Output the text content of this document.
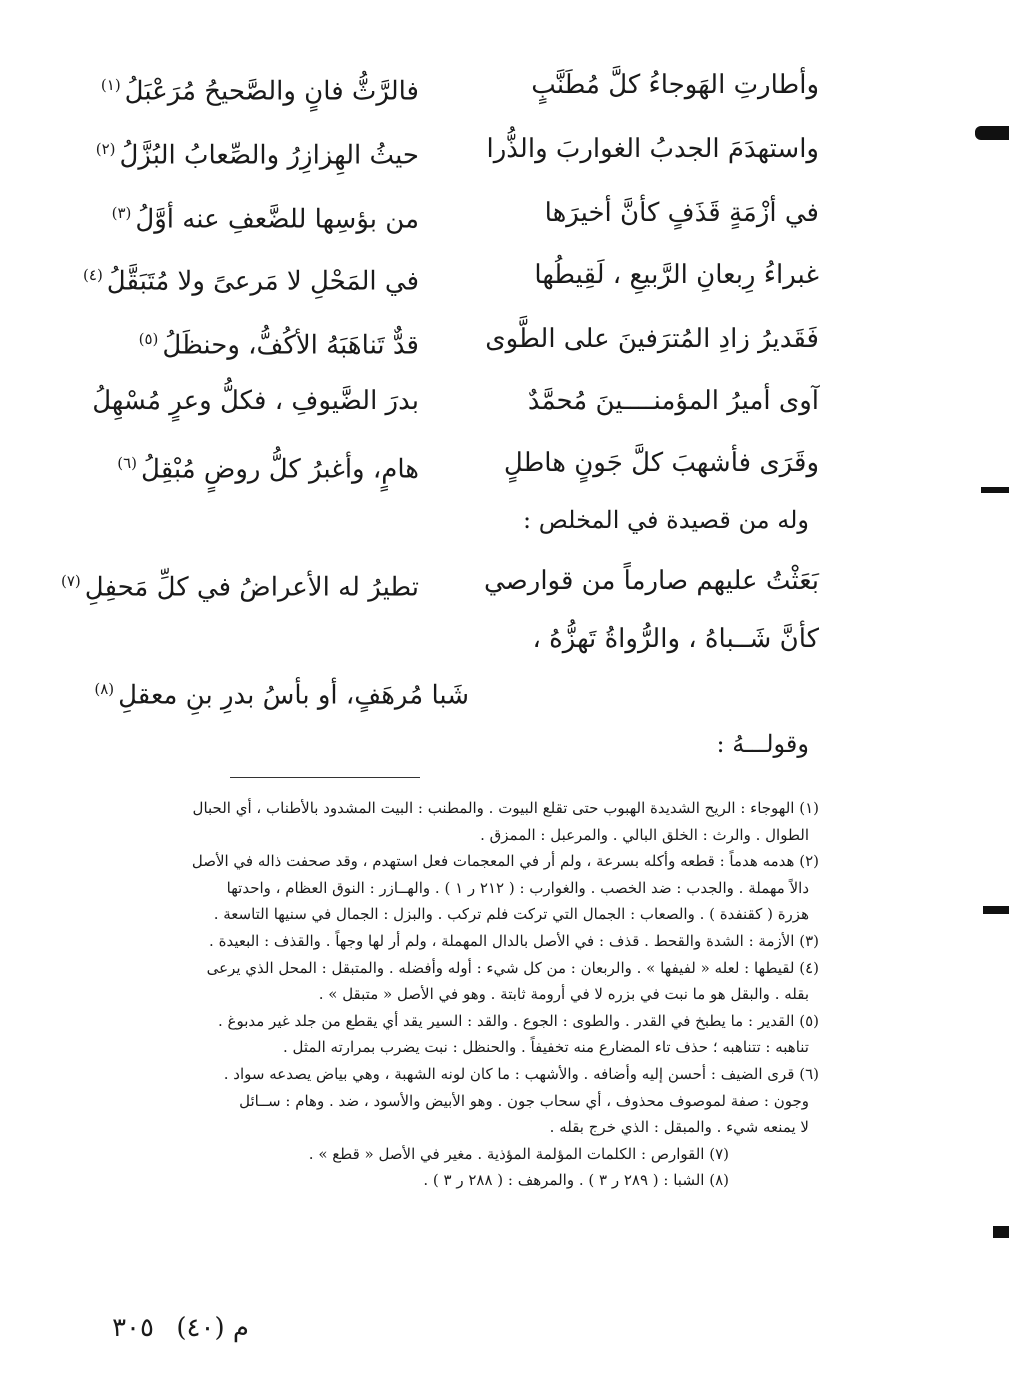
وأطارتِ الهَوجاءُ كلَّ مُطَنَّبٍ
فالرَّثُّ فانٍ والصَّحيحُ مُرَعْبَلُ$^{(١)}$
واستهدَمَ الجدبُ الغواربَ والذُّرا
حيثُ الهِزازِرُ والصِّعابُ البُزَّلُ$^{(٢)}$
في أزْمَةٍ قَذَفٍ كأنَّ أخيرَها
من بؤسِها للضَّعفِ عنه أوَّلُ$^{(٣)}$
غبراءُ رِبعانِ الرَّبيعِ ، لَقِيطُها
في المَحْلِ لا مَرعىً ولا مُتَبَقَّلُ$^{(٤)}$
فَقَديرُ زادِ المُترَفينَ على الطَّوى
قدٌّ تَناهَبَهُ الأكُفُّ، وحنظَلُ$^{(٥)}$
آوى أميرُ المؤمنــــينَ مُحمَّدٌ
بدرَ الضَّيوفِ ، فكلُّ وعرٍ مُسْهِلُ
وقَرَى فأشهبَ كلَّ جَونٍ هاطلٍ
هامٍ، وأغبرُ كلُّ روضٍ مُبْقِلُ$^{(٦)}$
وله من قصيدة في المخلص :
بَعَثْتُ عليهم صارماً من قوارصي
تطيرُ له الأعراضُ في كلِّ مَحفِلِ$^{(٧)}$
كأنَّ شَــباهُ ، والرُّواةُ تَهزُّهُ ،
شَبا مُرهَفٍ، أو بأسُ بدرِ بنِ معقلِ$^{(٨)}$
وقولـــهُ :
(١) الهوجاء : الريح الشديدة الهبوب حتى تقلع البيوت . والمطنب : البيت المشدود بالأطناب ، أي الحبال
الطوال . والرث : الخلق البالي . والمرعبل : الممزق .
(٢) هدمه هدماً : قطعه وأكله بسرعة ، ولم أر في المعجمات فعل استهدم ، وقد صحفت ذاله في الأصل
دالاً مهملة . والجدب : ضد الخصب . والغوارب : ( ٢١٢ ر ١ ) . والهــازر : النوق العظام ، واحدتها
هزرة ( كقنفدة ) . والصعاب : الجمال التي تركت فلم تركب . والبزل : الجمال في سنيها التاسعة .
(٣) الأزمة : الشدة والقحط . قذف : في الأصل بالدال المهملة ، ولم أر لها وجهاً . والقذف : البعيدة .
(٤) لقيطها : لعله « لفيفها » . والربعان : من كل شيء : أوله وأفضله . والمتبقل : المحل الذي يرعى
بقله . والبقل هو ما نبت في بزره لا في أرومة ثابتة . وهو في الأصل « متبقل » .
(٥) القدير : ما يطبخ في القدر . والطوى : الجوع . والقد : السير يقد أي يقطع من جلد غير مدبوغ .
تناهبه : تتناهبه ؛ حذف تاء المضارع منه تخفيفاً . والحنظل : نبت يضرب بمرارته المثل .
(٦) قرى الضيف : أحسن إليه وأضافه . والأشهب : ما كان لونه الشهبة ، وهي بياض يصدعه سواد .
وجون : صفة لموصوف محذوف ، أي سحاب جون . وهو الأبيض والأسود ، ضد . وهام : ســائل
لا يمنعه شيء . والمبقل : الذي خرج بقله .
(٧) القوارص : الكلمات المؤلمة المؤذية . مغير في الأصل « قطع » .
(٨) الشبا : ( ٢٨٩ ر ٣ ) . والمرهف : ( ٢٨٨ ر ٣ ) .
م (٤٠)
٣٠٥
